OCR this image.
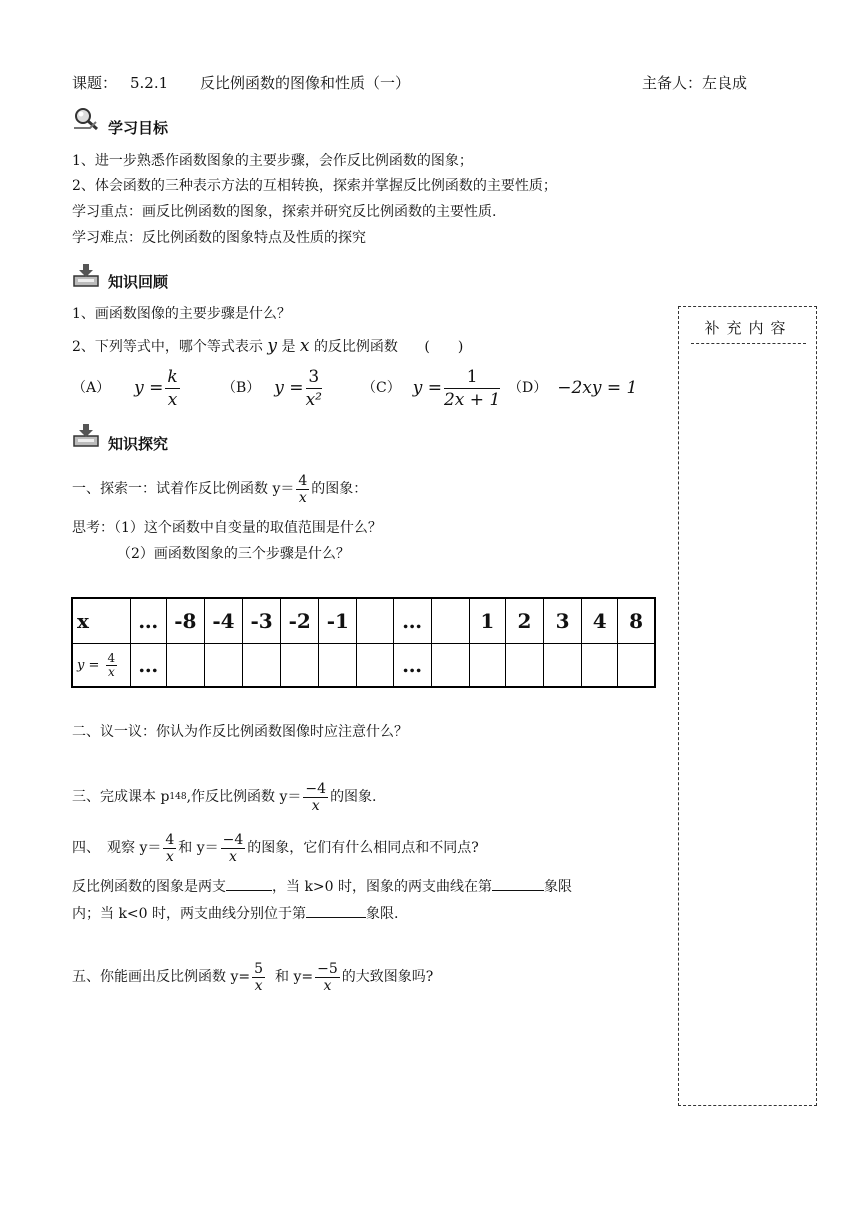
课题： 5.2.1 反比例函数的图像和性质（一）	主备人：左良成
学习目标
1、进一步熟悉作函数图象的主要步骤，会作反比例函数的图象；
2、体会函数的三种表示方法的互相转换，探索并掌握反比例函数的主要性质；
学习重点：画反比例函数的图象，探索并研究反比例函数的主要性质.
学习难点：反比例函数的图象特点及性质的探究
知识回顾
1、画函数图像的主要步骤是什么？
2、下列等式中，哪个等式表示 y 是 x 的反比例函数 (　　)
（A） $y = \frac{k}{x}$	（B） $y = \frac{3}{\text{x²}}$	（C） $y = \frac{1}{2x + 1} (D) -2xy = 1$
知识探究
一、探索一：试着作反比例函数 $y= \frac{4}{x}$ 的图象：
思考：（1）这个函数中自变量的取值范围是什么？
（2）画函数图象的三个步骤是什么？
x	…	-8	-4	-3	-2	-1		…		1	2	3	4	8
$y = \frac{4}{x}$	…							…						
二、议一议：你认为作反比例函数图像时应注意什么？
三、完成课本 p 148 ,作反比例函数 $y= \frac{-4}{x}$ 的图象.
四、　观察 $y= \frac{4}{x}$ 和 $y= \frac{-4}{x}$ 的图象，它们有什么相同点和不同点?
反比例函数的图象是两支	，当 k>0 时，图象的两支曲线在第	象限
内；当 k<0 时，两支曲线分别位于第	象限.
五、你能画出反比例函数 $y= \frac{5}{x}$ 和 $y= \frac{-5}{x}$ 的大致图象吗?
补充内容
